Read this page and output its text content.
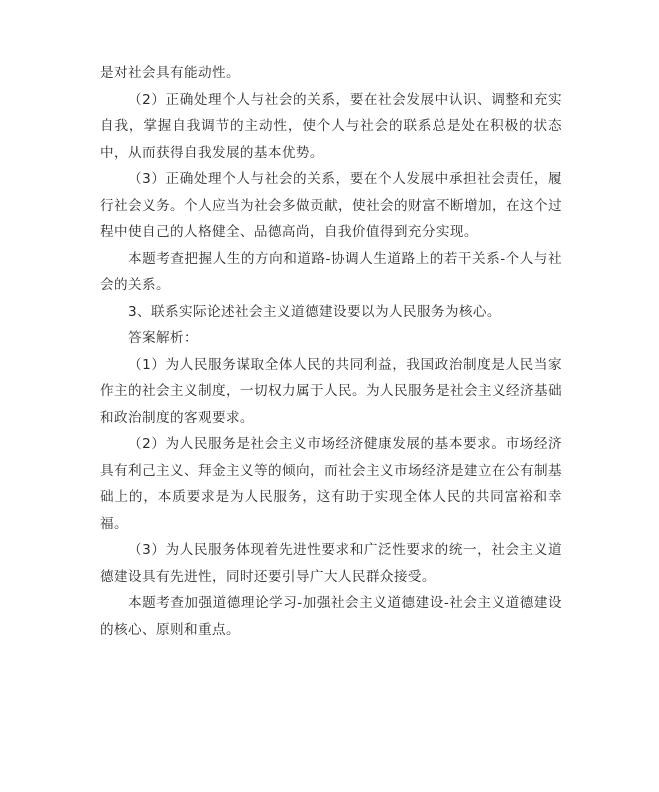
是对社会具有能动性。

（2）正确处理个人与社会的关系，要在社会发展中认识、调整和充实自我，掌握自我调节的主动性，使个人与社会的联系总是处在积极的状态中，从而获得自我发展的基本优势。

（3）正确处理个人与社会的关系，要在个人发展中承担社会责任，履行社会义务。个人应当为社会多做贡献，使社会的财富不断增加，在这个过程中使自己的人格健全、品德高尚，自我价值得到充分实现。

本题考查把握人生的方向和道路-协调人生道路上的若干关系-个人与社会的关系。

3、联系实际论述社会主义道德建设要以为人民服务为核心。

答案解析：

（1）为人民服务谋取全体人民的共同利益，我国政治制度是人民当家作主的社会主义制度，一切权力属于人民。为人民服务是社会主义经济基础和政治制度的客观要求。

（2）为人民服务是社会主义市场经济健康发展的基本要求。市场经济具有利己主义、拜金主义等的倾向，而社会主义市场经济是建立在公有制基础上的，本质要求是为人民服务，这有助于实现全体人民的共同富裕和幸福。

（3）为人民服务体现着先进性要求和广泛性要求的统一，社会主义道德建设具有先进性，同时还要引导广大人民群众接受。

本题考查加强道德理论学习-加强社会主义道德建设-社会主义道德建设的核心、原则和重点。
